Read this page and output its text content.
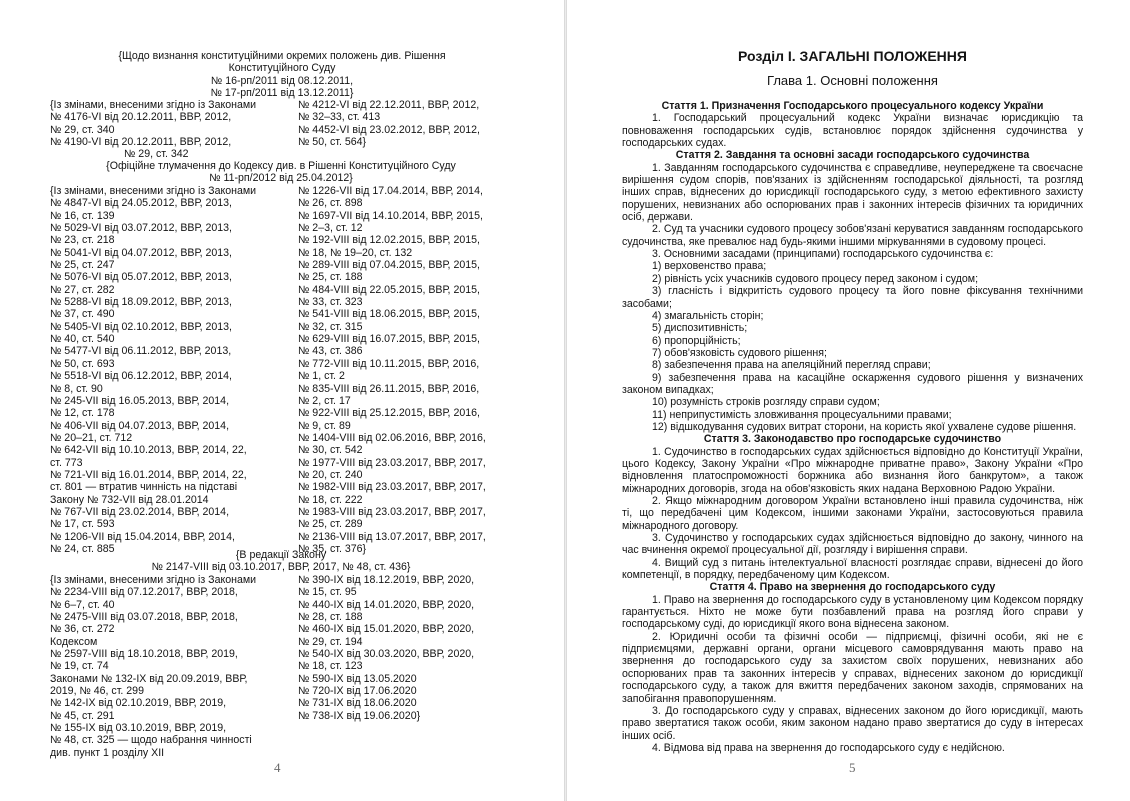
{Щодо визнання конституційними окремих положень див. Рішення
Конституційного Суду
№ 16-рп/2011 від 08.12.2011,
№ 17-рп/2011 від 13.12.2011}
{Із змінами, внесеними згідно із Законами
№ 4176-VI від 20.12.2011, ВВР, 2012,
№ 29, ст. 340
№ 4190-VI від 20.12.2011, ВВР, 2012,
№ 29, ст. 342
№ 4212-VI від 22.12.2011, ВВР, 2012,
№ 32–33, ст. 413
№ 4452-VI від 23.02.2012, ВВР, 2012,
№ 50, ст. 564}
{Офіційне тлумачення до Кодексу див. в Рішенні Конституційного Суду
№ 11-рп/2012 від 25.04.2012}
{Із змінами, внесеними згідно із Законами
№ 4847-VI від 24.05.2012, ВВР, 2013,
№ 16, ст. 139
№ 5029-VI від 03.07.2012, ВВР, 2013,
№ 23, ст. 218
№ 5041-VI від 04.07.2012, ВВР, 2013,
№ 25, ст. 247
№ 5076-VI від 05.07.2012, ВВР, 2013,
№ 27, ст. 282
№ 5288-VI від 18.09.2012, ВВР, 2013,
№ 37, ст. 490
№ 5405-VI від 02.10.2012, ВВР, 2013,
№ 40, ст. 540
№ 5477-VI від 06.11.2012, ВВР, 2013,
№ 50, ст. 693
№ 5518-VI від 06.12.2012, ВВР, 2014,
№ 8, ст. 90
№ 245-VII від 16.05.2013, ВВР, 2014,
№ 12, ст. 178
№ 406-VII від 04.07.2013, ВВР, 2014,
№ 20–21, ст. 712
№ 642-VII від 10.10.2013, ВВР, 2014, 22,
ст. 773
№ 721-VII від 16.01.2014, ВВР, 2014, 22,
ст. 801 — втратив чинність на підставі
Закону № 732-VII від 28.01.2014
№ 767-VII від 23.02.2014, ВВР, 2014,
№ 17, ст. 593
№ 1206-VII від 15.04.2014, ВВР, 2014,
№ 24, ст. 885
№ 1226-VII від 17.04.2014, ВВР, 2014,
№ 26, ст. 898
№ 1697-VII від 14.10.2014, ВВР, 2015,
№ 2–3, ст. 12
№ 192-VIII від 12.02.2015, ВВР, 2015,
№ 18, № 19–20, ст. 132
№ 289-VIII від 07.04.2015, ВВР, 2015,
№ 25, ст. 188
№ 484-VIII від 22.05.2015, ВВР, 2015,
№ 33, ст. 323
№ 541-VIII від 18.06.2015, ВВР, 2015,
№ 32, ст. 315
№ 629-VIII від 16.07.2015, ВВР, 2015,
№ 43, ст. 386
№ 772-VIII від 10.11.2015, ВВР, 2016,
№ 1, ст. 2
№ 835-VIII від 26.11.2015, ВВР, 2016,
№ 2, ст. 17
№ 922-VIII від 25.12.2015, ВВР, 2016,
№ 9, ст. 89
№ 1404-VIII від 02.06.2016, ВВР, 2016,
№ 30, ст. 542
№ 1977-VIII від 23.03.2017, ВВР, 2017,
№ 20, ст. 240
№ 1982-VIII від 23.03.2017, ВВР, 2017,
№ 18, ст. 222
№ 1983-VIII від 23.03.2017, ВВР, 2017,
№ 25, ст. 289
№ 2136-VIII від 13.07.2017, ВВР, 2017,
№ 35, ст. 376}
{В редакції Закону
№ 2147-VIII від 03.10.2017, ВВР, 2017, № 48, ст. 436}
{Із змінами, внесеними згідно із Законами
№ 2234-VIII від 07.12.2017, ВВР, 2018,
№ 6–7, ст. 40
№ 2475-VIII від 03.07.2018, ВВР, 2018,
№ 36, ст. 272
Кодексом
№ 2597-VIII від 18.10.2018, ВВР, 2019,
№ 19, ст. 74
Законами № 132-IX від 20.09.2019, ВВР,
2019, № 46, ст. 299
№ 142-IX від 02.10.2019, ВВР, 2019,
№ 45, ст. 291
№ 155-IX від 03.10.2019, ВВР, 2019,
№ 48, ст. 325 — щодо набрання чинності
див. пункт 1 розділу XII
№ 390-IX від 18.12.2019, ВВР, 2020,
№ 15, ст. 95
№ 440-IX від 14.01.2020, ВВР, 2020,
№ 28, ст. 188
№ 460-IX від 15.01.2020, ВВР, 2020,
№ 29, ст. 194
№ 540-IX від 30.03.2020, ВВР, 2020,
№ 18, ст. 123
№ 590-IX від 13.05.2020
№ 720-IX від 17.06.2020
№ 731-IX від 18.06.2020
№ 738-IX від 19.06.2020}
4
Розділ І. ЗАГАЛЬНІ ПОЛОЖЕННЯ
Глава 1. Основні положення
Стаття 1. Призначення Господарського процесуального кодексу України

1. Господарський процесуальний кодекс України визначає юрисдикцію та повноваження господарських судів, встановлює порядок здійснення судочинства у господарських судах.

Стаття 2. Завдання та основні засади господарського судочинства

1. Завданням господарського судочинства є справедливе, неупереджене та своєчасне вирішення судом спорів, пов'язаних із здійсненням господарської діяльності, та розгляд інших справ, віднесених до юрисдикції господарського суду, з метою ефективного захисту порушених, невизнаних або оспорюваних прав і законних інтересів фізичних та юридичних осіб, держави.

2. Суд та учасники судового процесу зобов'язані керуватися завданням господарського судочинства, яке превалює над будь-якими іншими міркуваннями в судовому процесі.

3. Основними засадами (принципами) господарського судочинства є:

1) верховенство права;
2) рівність усіх учасників судового процесу перед законом і судом;
3) гласність і відкритість судового процесу та його повне фіксування технічними засобами;
4) змагальність сторін;
5) диспозитивність;
6) пропорційність;
7) обов'язковість судового рішення;
8) забезпечення права на апеляційний перегляд справи;
9) забезпечення права на касаційне оскарження судового рішення у визначених законом випадках;
10) розумність строків розгляду справи судом;
11) неприпустимість зловживання процесуальними правами;
12) відшкодування судових витрат сторони, на користь якої ухвалене судове рішення.
Стаття 3. Законодавство про господарське судочинство

1. Судочинство в господарських судах здійснюється відповідно до Конституції України, цього Кодексу, Закону України «Про міжнародне приватне право», Закону України «Про відновлення платоспроможності боржника або визнання його банкрутом», а також міжнародних договорів, згода на обов'язковість яких надана Верховною Радою України.

2. Якщо міжнародним договором України встановлено інші правила судочинства, ніж ті, що передбачені цим Кодексом, іншими законами України, застосовуються правила міжнародного договору.

3. Судочинство у господарських судах здійснюється відповідно до закону, чинного на час вчинення окремої процесуальної дії, розгляду і вирішення справи.

4. Вищий суд з питань інтелектуальної власності розглядає справи, віднесені до його компетенції, в порядку, передбаченому цим Кодексом.

Стаття 4. Право на звернення до господарського суду

1. Право на звернення до господарського суду в установленому цим Кодексом порядку гарантується. Ніхто не може бути позбавлений права на розгляд його справи у господарському суді, до юрисдикції якого вона віднесена законом.

2. Юридичні особи та фізичні особи — підприємці, фізичні особи, які не є підприємцями, державні органи, органи місцевого самоврядування мають право на звернення до господарського суду за захистом своїх порушених, невизнаних або оспорюваних прав та законних інтересів у справах, віднесених законом до юрисдикції господарського суду, а також для вжиття передбачених законом заходів, спрямованих на запобігання правопорушенням.

3. До господарського суду у справах, віднесених законом до його юрисдикції, мають право звертатися також особи, яким законом надано право звертатися до суду в інтересах інших осіб.

4. Відмова від права на звернення до господарського суду є недійсною.

5
